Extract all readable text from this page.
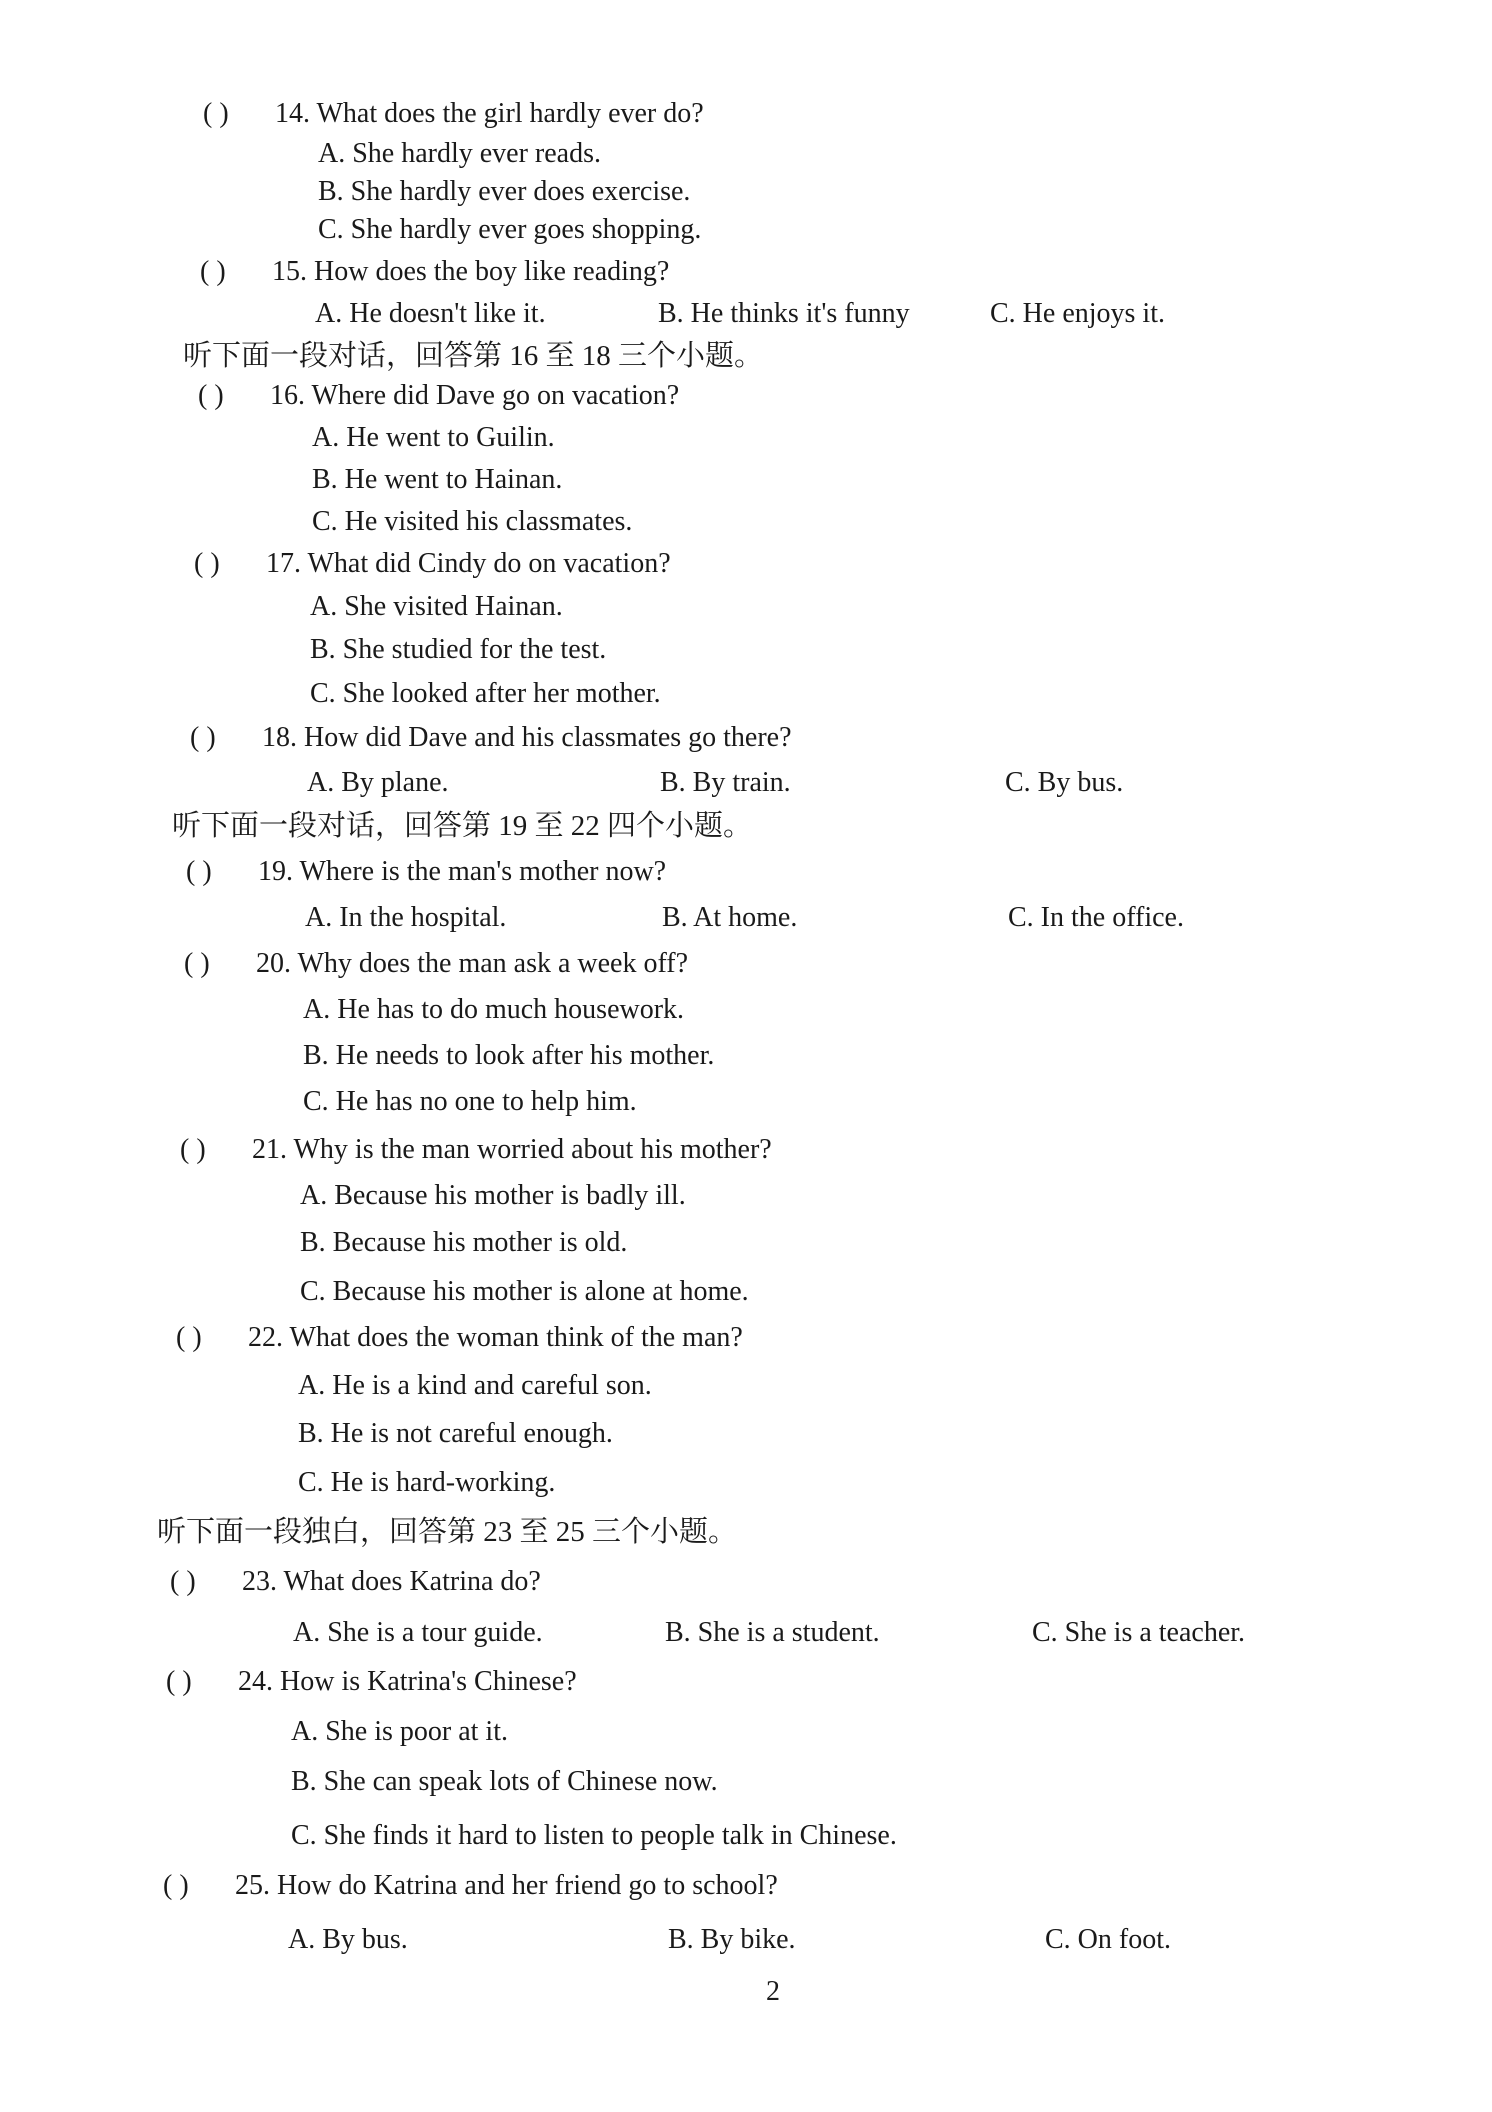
( ) 14. What does the girl hardly ever do?
A. She hardly ever reads.
B. She hardly ever does exercise.
C. She hardly ever goes shopping.
( ) 15. How does the boy like reading?
A. He doesn't like it.	B. He thinks it's funny	C. He enjoys it.
听下面一段对话，回答第 16 至 18 三个小题。
( ) 16. Where did Dave go on vacation?
A. He went to Guilin.
B. He went to Hainan.
C. He visited his classmates.
( ) 17. What did Cindy do on vacation?
A. She visited Hainan.
B. She studied for the test.
C. She looked after her mother.
( ) 18. How did Dave and his classmates go there?
A. By plane.	B. By train.	C. By bus.
听下面一段对话，回答第 19 至 22 四个小题。
( ) 19. Where is the man's mother now?
A. In the hospital.	B. At home.	C. In the office.
( ) 20. Why does the man ask a week off?
A. He has to do much housework.
B. He needs to look after his mother.
C. He has no one to help him.
( ) 21. Why is the man worried about his mother?
A. Because his mother is badly ill.
B. Because his mother is old.
C. Because his mother is alone at home.
( ) 22. What does the woman think of the man?
A. He is a kind and careful son.
B. He is not careful enough.
C. He is hard-working.
听下面一段独白，回答第 23 至 25 三个小题。
( ) 23. What does Katrina do?
A. She is a tour guide.	B. She is a student.	C. She is a teacher.
( ) 24. How is Katrina's Chinese?
A. She is poor at it.
B. She can speak lots of Chinese now.
C. She finds it hard to listen to people talk in Chinese.
( ) 25. How do Katrina and her friend go to school?
A. By bus.	B. By bike.	C. On foot.
2
